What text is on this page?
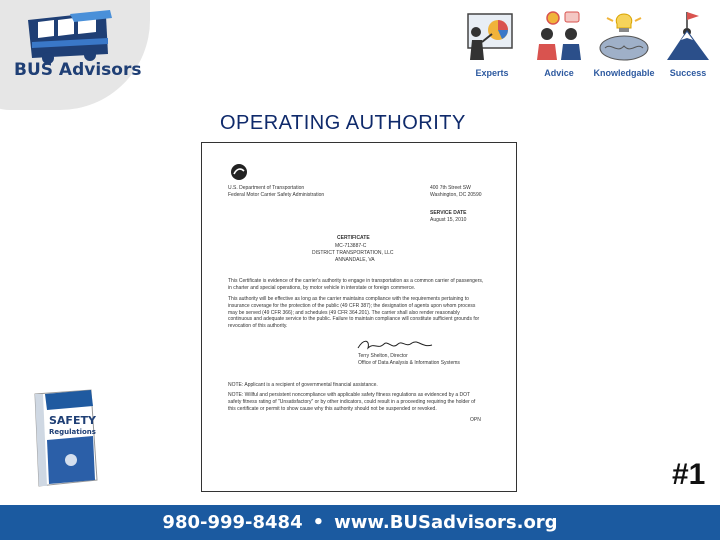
BUS Advisors	Experts	Advice	Knowledgable	Success
OPERATING AUTHORITY
U.S. Department of Transportation
Federal Motor Carrier Safety Administration
400 7th Street SW
Washington, DC 20590
SERVICE DATE
August 15, 2010
CERTIFICATE
MC-713887-C
DISTRICT TRANSPORTATION, LLC
ANNANDALE, VA
This Certificate is evidence of the carrier's authority to engage in transportation as a common carrier of passengers, in charter and special operations, by motor vehicle in interstate or foreign commerce.
This authority will be effective as long as the carrier maintains compliance with the requirements pertaining to insurance coverage for the protection of the public (49 CFR 387); the designation of agents upon whom process may be served (49 CFR 366); and schedules (49 CFR 364.201). The carrier shall also render reasonably continuous and adequate service to the public. Failure to maintain compliance will constitute sufficient grounds for revocation of this authority.
Terry Shelton, Director
Office of Data Analysis & Information Systems
NOTE: Applicant is a recipient of governmental financial assistance.
NOTE: Willful and persistent noncompliance with applicable safety fitness regulations as evidenced by a DOT safety fitness rating of "Unsatisfactory" or by other indicators, could result in a proceeding requiring the holder of this certificate or permit to show cause why this authority should not be suspended or revoked.
OPN
SAFETY
Regulations
#1
980-999-8484 • www.BUSadvisors.org
